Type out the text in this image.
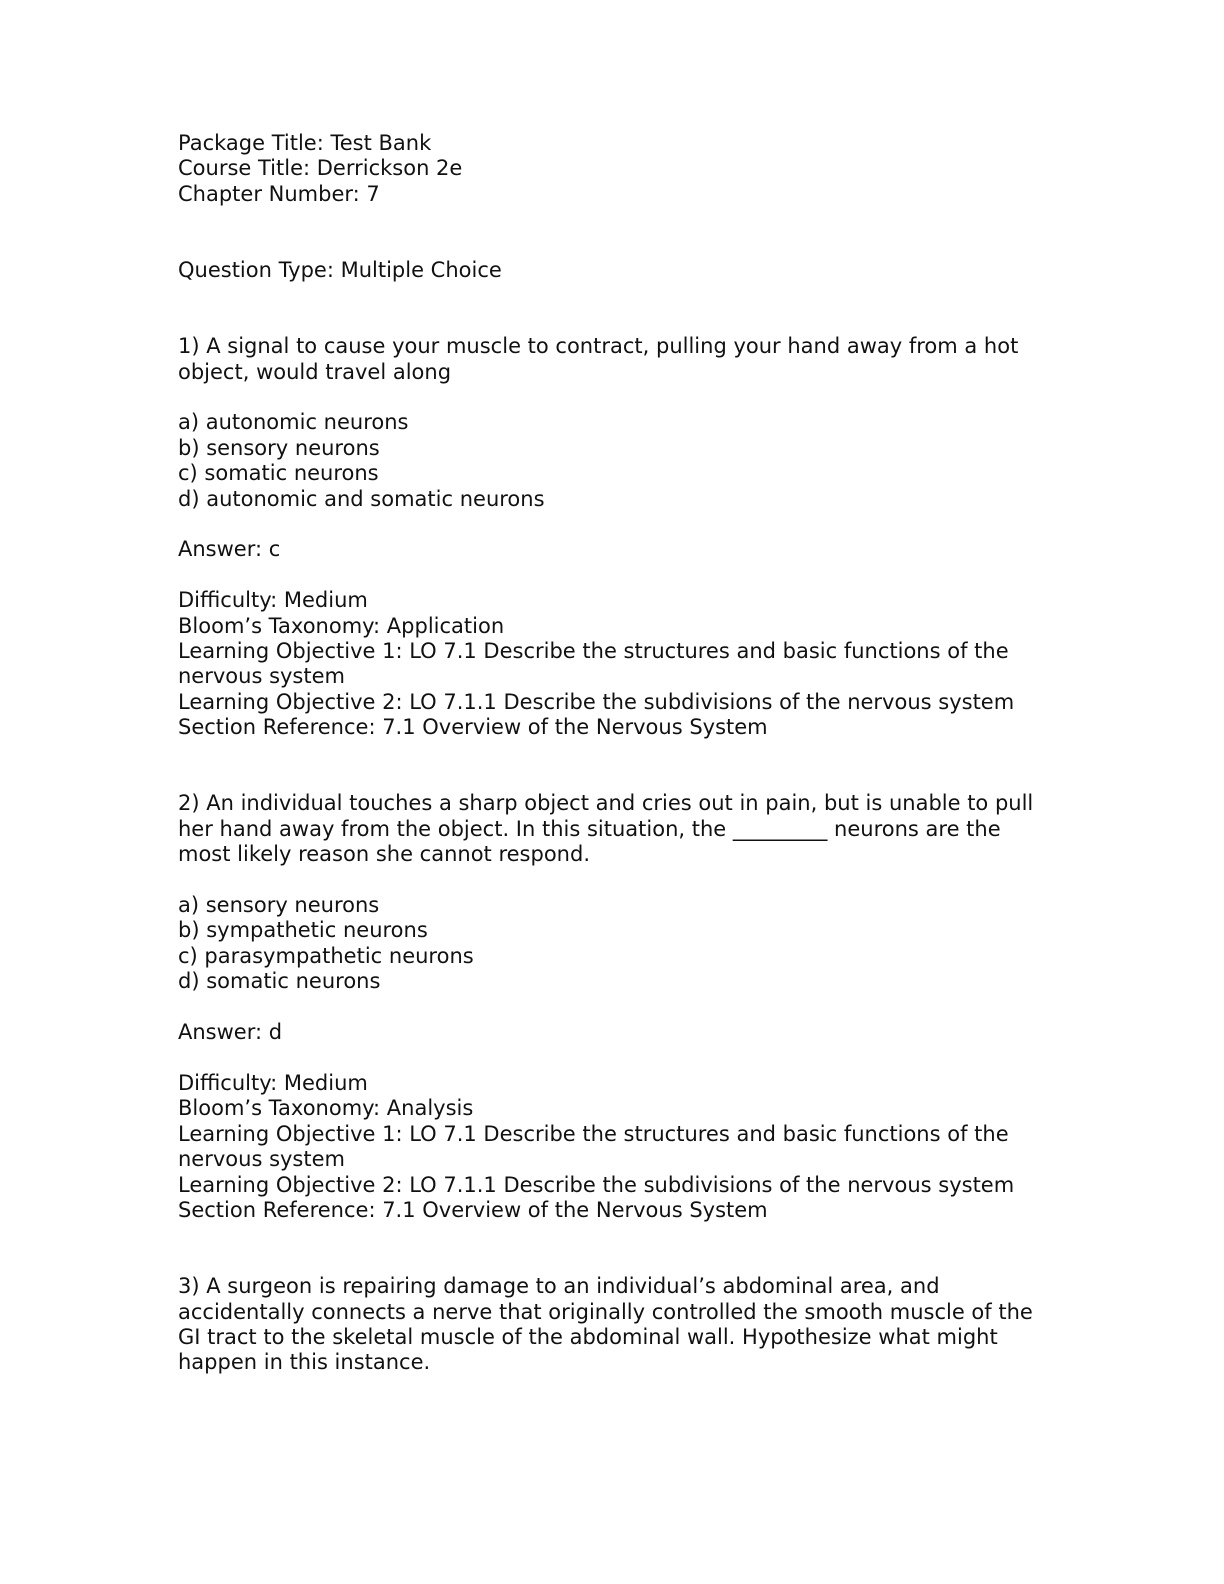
Package Title: Test Bank
Course Title: Derrickson 2e
Chapter Number: 7
Question Type: Multiple Choice
1) A signal to cause your muscle to contract, pulling your hand away from a hot object, would travel along
a) autonomic neurons
b) sensory neurons
c) somatic neurons
d) autonomic and somatic neurons
Answer: c
Difficulty: Medium
Bloom’s Taxonomy: Application
Learning Objective 1: LO 7.1 Describe the structures and basic functions of the nervous system
Learning Objective 2: LO 7.1.1 Describe the subdivisions of the nervous system
Section Reference: 7.1 Overview of the Nervous System
2) An individual touches a sharp object and cries out in pain, but is unable to pull her hand away from the object. In this situation, the _________ neurons are the most likely reason she cannot respond.
a) sensory neurons
b) sympathetic neurons
c) parasympathetic neurons
d) somatic neurons
Answer: d
Difficulty: Medium
Bloom’s Taxonomy: Analysis
Learning Objective 1: LO 7.1 Describe the structures and basic functions of the nervous system
Learning Objective 2: LO 7.1.1 Describe the subdivisions of the nervous system
Section Reference: 7.1 Overview of the Nervous System
3) A surgeon is repairing damage to an individual’s abdominal area, and accidentally connects a nerve that originally controlled the smooth muscle of the GI tract to the skeletal muscle of the abdominal wall. Hypothesize what might happen in this instance.
